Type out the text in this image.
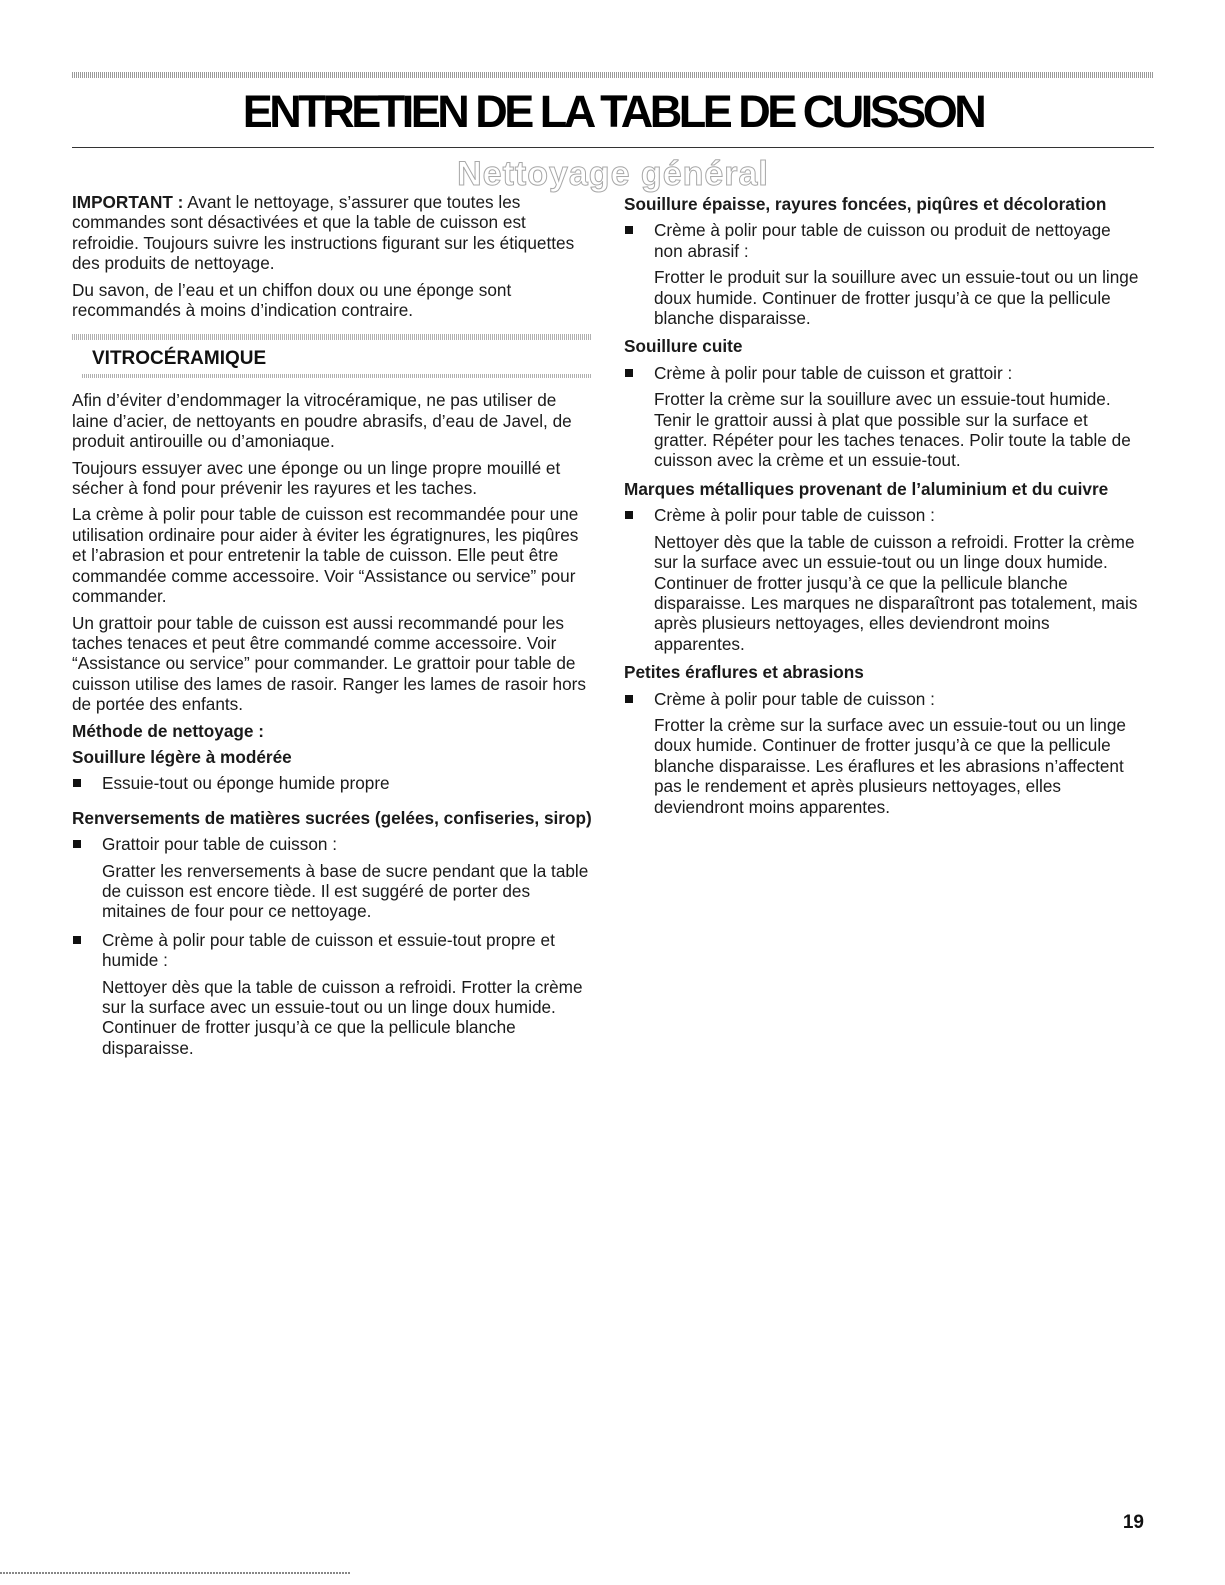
ENTRETIEN DE LA TABLE DE CUISSON
Nettoyage général

IMPORTANT : Avant le nettoyage, s’assurer que toutes les commandes sont désactivées et que la table de cuisson est refroidie. Toujours suivre les instructions figurant sur les étiquettes des produits de nettoyage.

Du savon, de l’eau et un chiffon doux ou une éponge sont recommandés à moins d’indication contraire.

VITROCÉRAMIQUE

Afin d’éviter d’endommager la vitrocéramique, ne pas utiliser de laine d’acier, de nettoyants en poudre abrasifs, d’eau de Javel, de produit antirouille ou d’amoniaque.

Toujours essuyer avec une éponge ou un linge propre mouillé et sécher à fond pour prévenir les rayures et les taches.

La crème à polir pour table de cuisson est recommandée pour une utilisation ordinaire pour aider à éviter les égratignures, les piqûres et l’abrasion et pour entretenir la table de cuisson. Elle peut être commandée comme accessoire. Voir “Assistance ou service” pour commander.

Un grattoir pour table de cuisson est aussi recommandé pour les taches tenaces et peut être commandé comme accessoire. Voir “Assistance ou service” pour commander. Le grattoir pour table de cuisson utilise des lames de rasoir. Ranger les lames de rasoir hors de portée des enfants.

Méthode de nettoyage :

Souillure légère à modérée

Essuie-tout ou éponge humide propre

Renversements de matières sucrées (gelées, confiseries, sirop)

Grattoir pour table de cuisson :

Gratter les renversements à base de sucre pendant que la table de cuisson est encore tiède. Il est suggéré de porter des mitaines de four pour ce nettoyage.

Crème à polir pour table de cuisson et essuie-tout propre et humide :

Nettoyer dès que la table de cuisson a refroidi. Frotter la crème sur la surface avec un essuie-tout ou un linge doux humide. Continuer de frotter jusqu’à ce que la pellicule blanche disparaisse.

Souillure épaisse, rayures foncées, piqûres et décoloration

Crème à polir pour table de cuisson ou produit de nettoyage non abrasif :

Frotter le produit sur la souillure avec un essuie-tout ou un linge doux humide. Continuer de frotter jusqu’à ce que la pellicule blanche disparaisse.

Souillure cuite

Crème à polir pour table de cuisson et grattoir :

Frotter la crème sur la souillure avec un essuie-tout humide. Tenir le grattoir aussi à plat que possible sur la surface et gratter. Répéter pour les taches tenaces. Polir toute la table de cuisson avec la crème et un essuie-tout.

Marques métalliques provenant de l’aluminium et du cuivre

Crème à polir pour table de cuisson :

Nettoyer dès que la table de cuisson a refroidi. Frotter la crème sur la surface avec un essuie-tout ou un linge doux humide. Continuer de frotter jusqu’à ce que la pellicule blanche disparaisse. Les marques ne disparaîtront pas totalement, mais après plusieurs nettoyages, elles deviendront moins apparentes.

Petites éraflures et abrasions

Crème à polir pour table de cuisson :

Frotter la crème sur la surface avec un essuie-tout ou un linge doux humide. Continuer de frotter jusqu’à ce que la pellicule blanche disparaisse. Les éraflures et les abrasions n’affectent pas le rendement et après plusieurs nettoyages, elles deviendront moins apparentes.

19
